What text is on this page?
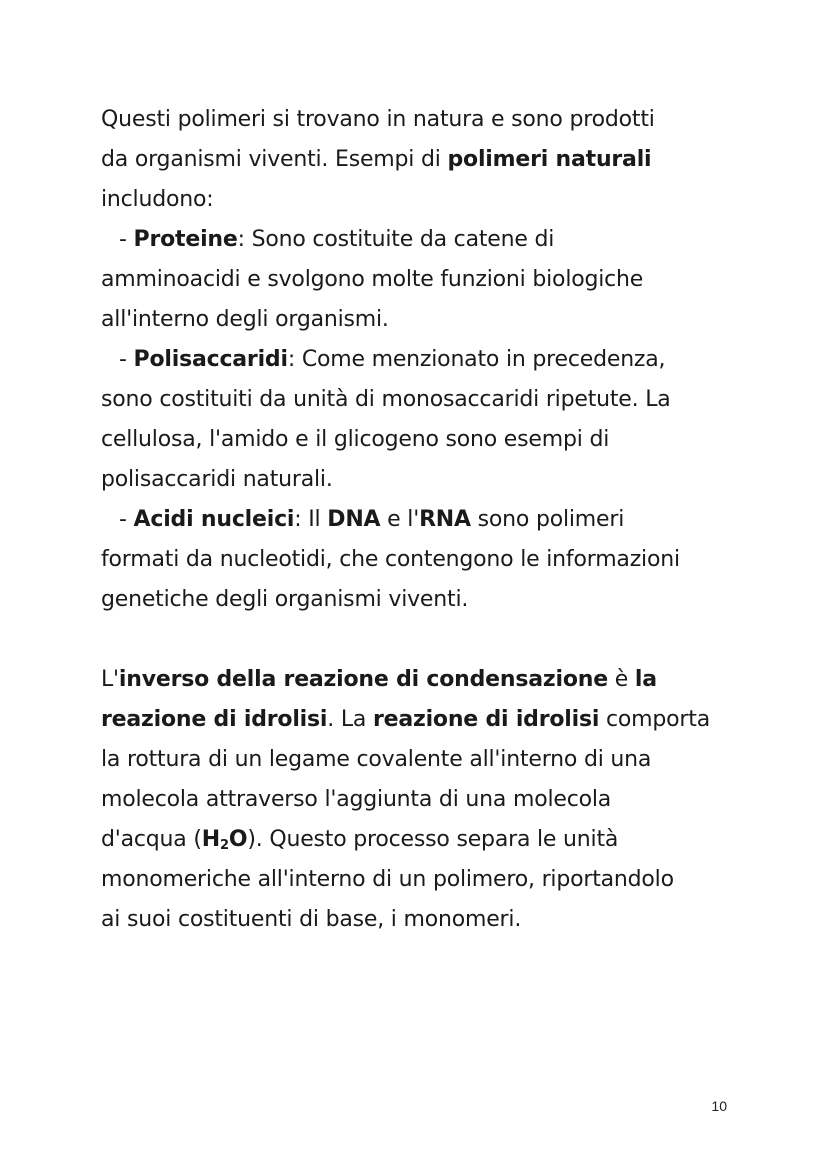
Questi polimeri si trovano in natura e sono prodotti
da organismi viventi. Esempi di polimeri naturali
includono:
- Proteine: Sono costituite da catene di
amminoacidi e svolgono molte funzioni biologiche
all'interno degli organismi.
- Polisaccaridi: Come menzionato in precedenza,
sono costituiti da unità di monosaccaridi ripetute. La
cellulosa, l'amido e il glicogeno sono esempi di
polisaccaridi naturali.
- Acidi nucleici: Il DNA e l'RNA sono polimeri
formati da nucleotidi, che contengono le informazioni
genetiche degli organismi viventi.
L'inverso della reazione di condensazione è la
reazione di idrolisi. La reazione di idrolisi comporta
la rottura di un legame covalente all'interno di una
molecola attraverso l'aggiunta di una molecola
d'acqua $(H_2O)$. Questo processo separa le unità
monomeriche all'interno di un polimero, riportandolo
ai suoi costituenti di base, i monomeri.
10
